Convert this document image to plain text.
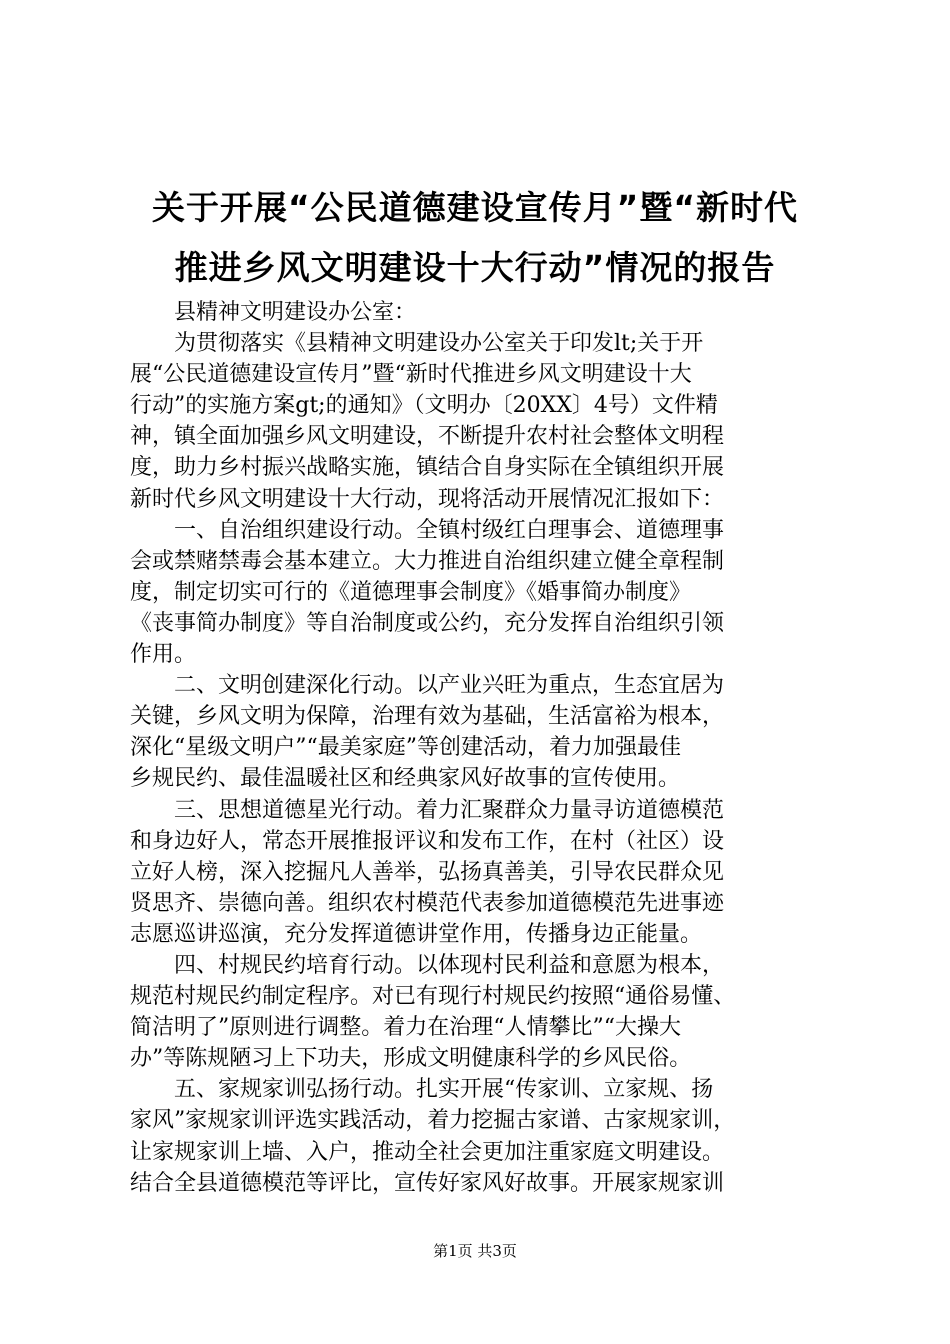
关于开展“公民道德建设宣传月”暨“新时代
推进乡风文明建设十大行动”情况的报告
县精神文明建设办公室：
为贯彻落实《县精神文明建设办公室关于印发lt;关于开
展“公民道德建设宣传月”暨“新时代推进乡风文明建设十大
行动”的实施方案gt;的通知》（文明办〔20XX〕4号）文件精
神，镇全面加强乡风文明建设，不断提升农村社会整体文明程
度，助力乡村振兴战略实施，镇结合自身实际在全镇组织开展
新时代乡风文明建设十大行动，现将活动开展情况汇报如下：
一、自治组织建设行动。全镇村级红白理事会、道德理事
会或禁赌禁毒会基本建立。大力推进自治组织建立健全章程制
度，制定切实可行的《道德理事会制度》《婚事简办制度》
《丧事简办制度》等自治制度或公约，充分发挥自治组织引领
作用。
二、文明创建深化行动。以产业兴旺为重点，生态宜居为
关键，乡风文明为保障，治理有效为基础，生活富裕为根本，
深化“星级文明户”“最美家庭”等创建活动，着力加强最佳
乡规民约、最佳温暖社区和经典家风好故事的宣传使用。
三、思想道德星光行动。着力汇聚群众力量寻访道德模范
和身边好人，常态开展推报评议和发布工作，在村（社区）设
立好人榜，深入挖掘凡人善举，弘扬真善美，引导农民群众见
贤思齐、崇德向善。组织农村模范代表参加道德模范先进事迹
志愿巡讲巡演，充分发挥道德讲堂作用，传播身边正能量。
四、村规民约培育行动。以体现村民利益和意愿为根本，
规范村规民约制定程序。对已有现行村规民约按照“通俗易懂、
简洁明了”原则进行调整。着力在治理“人情攀比”“大操大
办”等陈规陋习上下功夫，形成文明健康科学的乡风民俗。
五、家规家训弘扬行动。扎实开展“传家训、立家规、扬
家风”家规家训评选实践活动，着力挖掘古家谱、古家规家训，
让家规家训上墙、入户，推动全社会更加注重家庭文明建设。
结合全县道德模范等评比，宣传好家风好故事。开展家规家训
第1页 共3页
